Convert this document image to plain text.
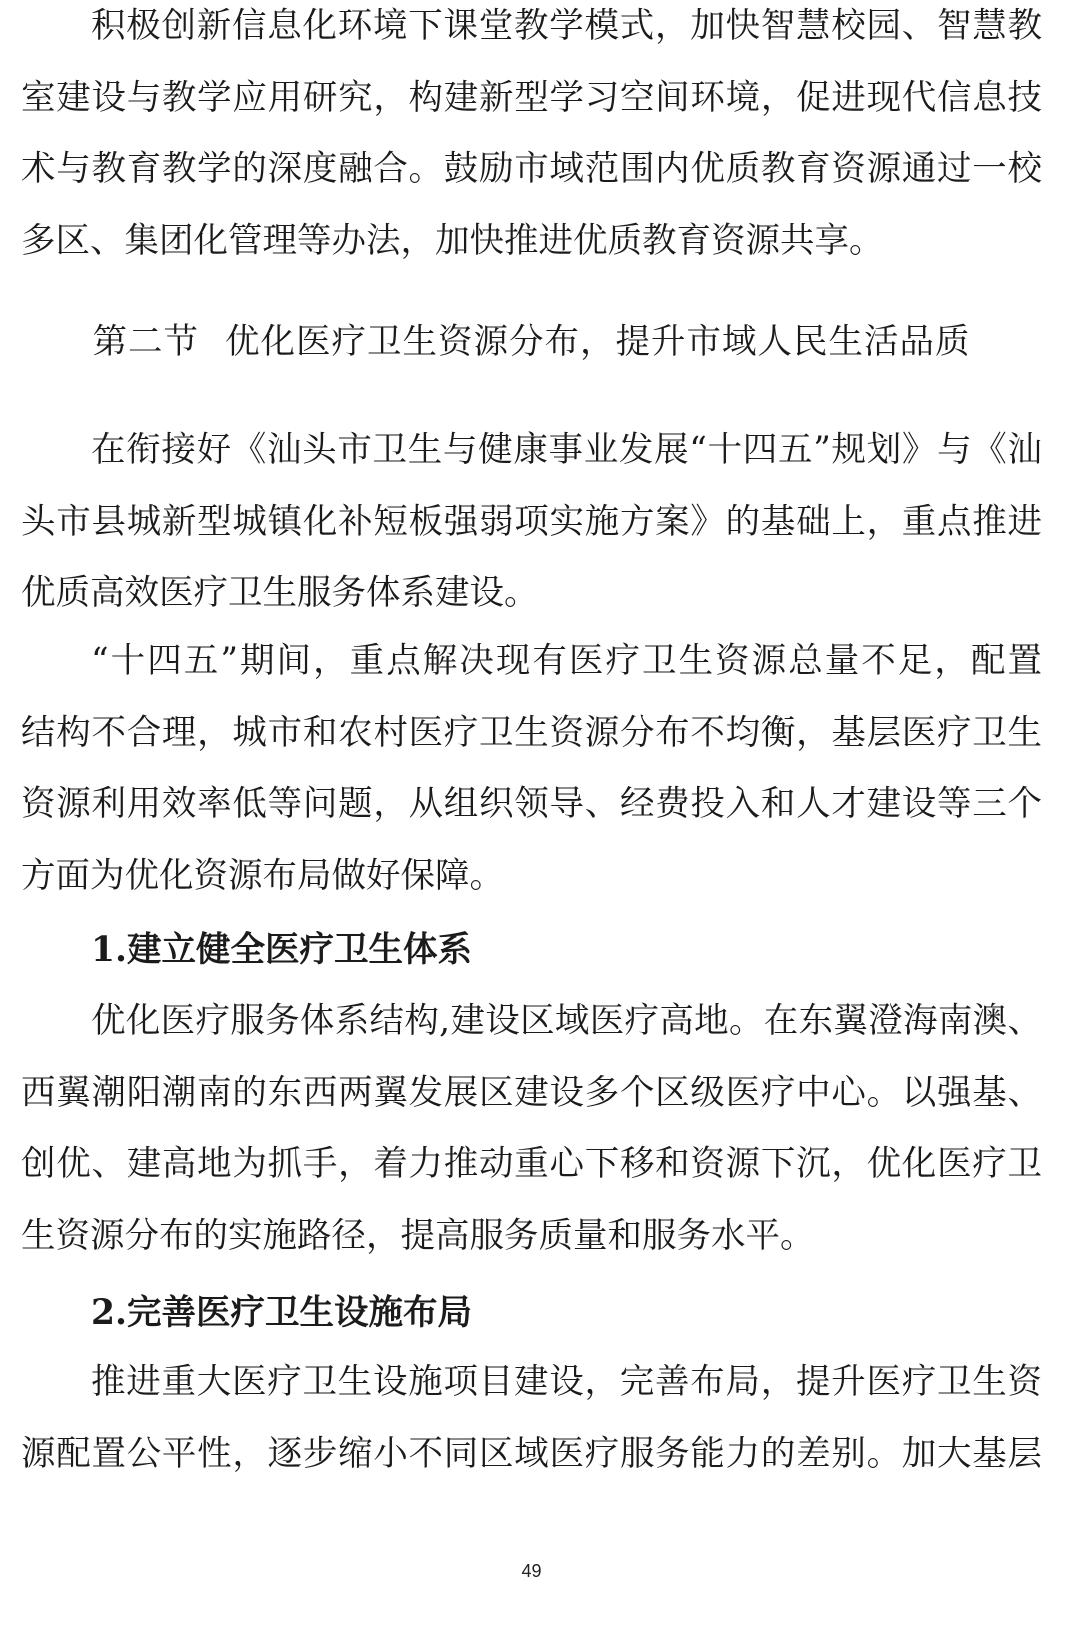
积极创新信息化环境下课堂教学模式，加快智慧校园、智慧教
室建设与教学应用研究，构建新型学习空间环境，促进现代信息技
术与教育教学的深度融合。鼓励市域范围内优质教育资源通过一校
多区、集团化管理等办法，加快推进优质教育资源共享。
第二节 优化医疗卫生资源分布，提升市域人民生活品质
在衔接好《汕头市卫生与健康事业发展“十四五”规划》与《汕
头市县城新型城镇化补短板强弱项实施方案》的基础上，重点推进
优质高效医疗卫生服务体系建设。
“十四五”期间，重点解决现有医疗卫生资源总量不足，配置
结构不合理，城市和农村医疗卫生资源分布不均衡，基层医疗卫生
资源利用效率低等问题，从组织领导、经费投入和人才建设等三个
方面为优化资源布局做好保障。
1.建立健全医疗卫生体系
优化医疗服务体系结构,建设区域医疗高地。在东翼澄海南澳、
西翼潮阳潮南的东西两翼发展区建设多个区级医疗中心。以强基、
创优、建高地为抓手，着力推动重心下移和资源下沉，优化医疗卫
生资源分布的实施路径，提高服务质量和服务水平。
2.完善医疗卫生设施布局
推进重大医疗卫生设施项目建设，完善布局，提升医疗卫生资
源配置公平性，逐步缩小不同区域医疗服务能力的差别。加大基层
49
